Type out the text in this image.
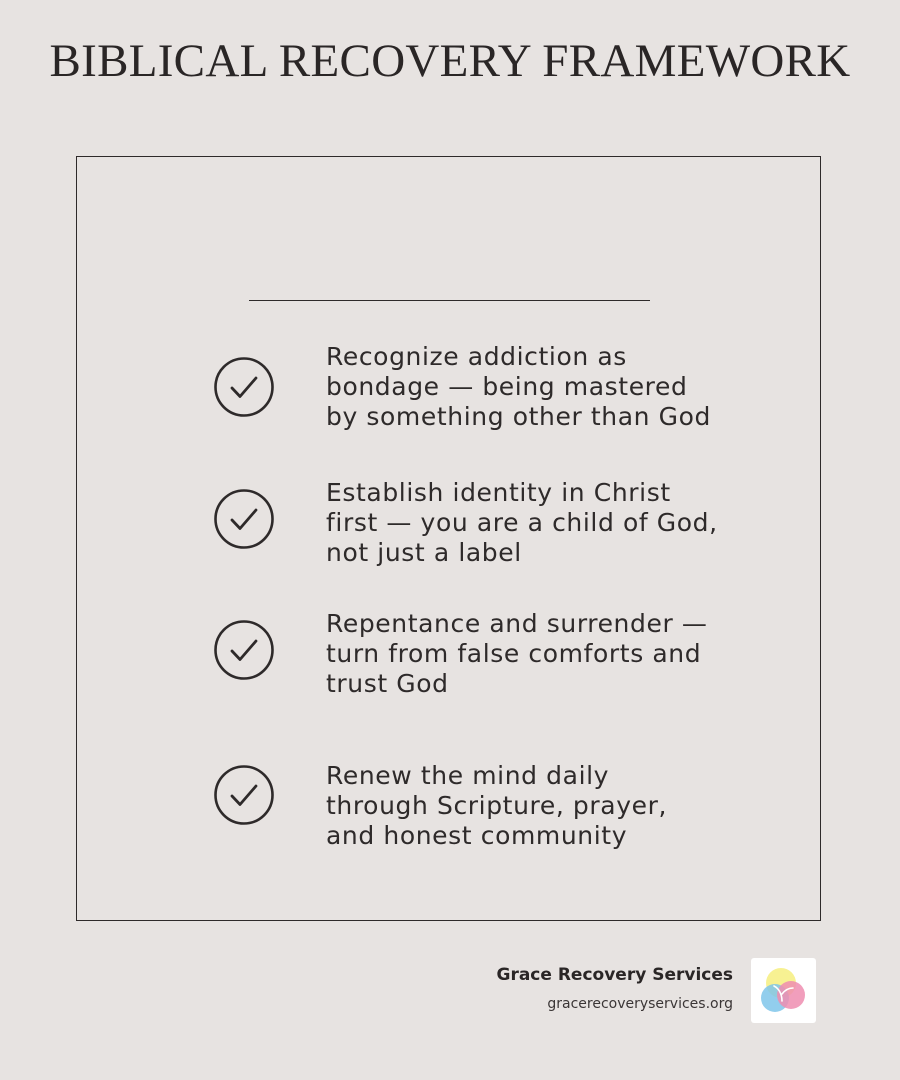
BIBLICAL RECOVERY FRAMEWORK

Recognize addiction as
bondage — being mastered
by something other than God

Establish identity in Christ
first — you are a child of God,
not just a label

Repentance and surrender —
turn from false comforts and
trust God

Renew the mind daily
through Scripture, prayer,
and honest community

Grace Recovery Services
gracerecoveryservices.org
